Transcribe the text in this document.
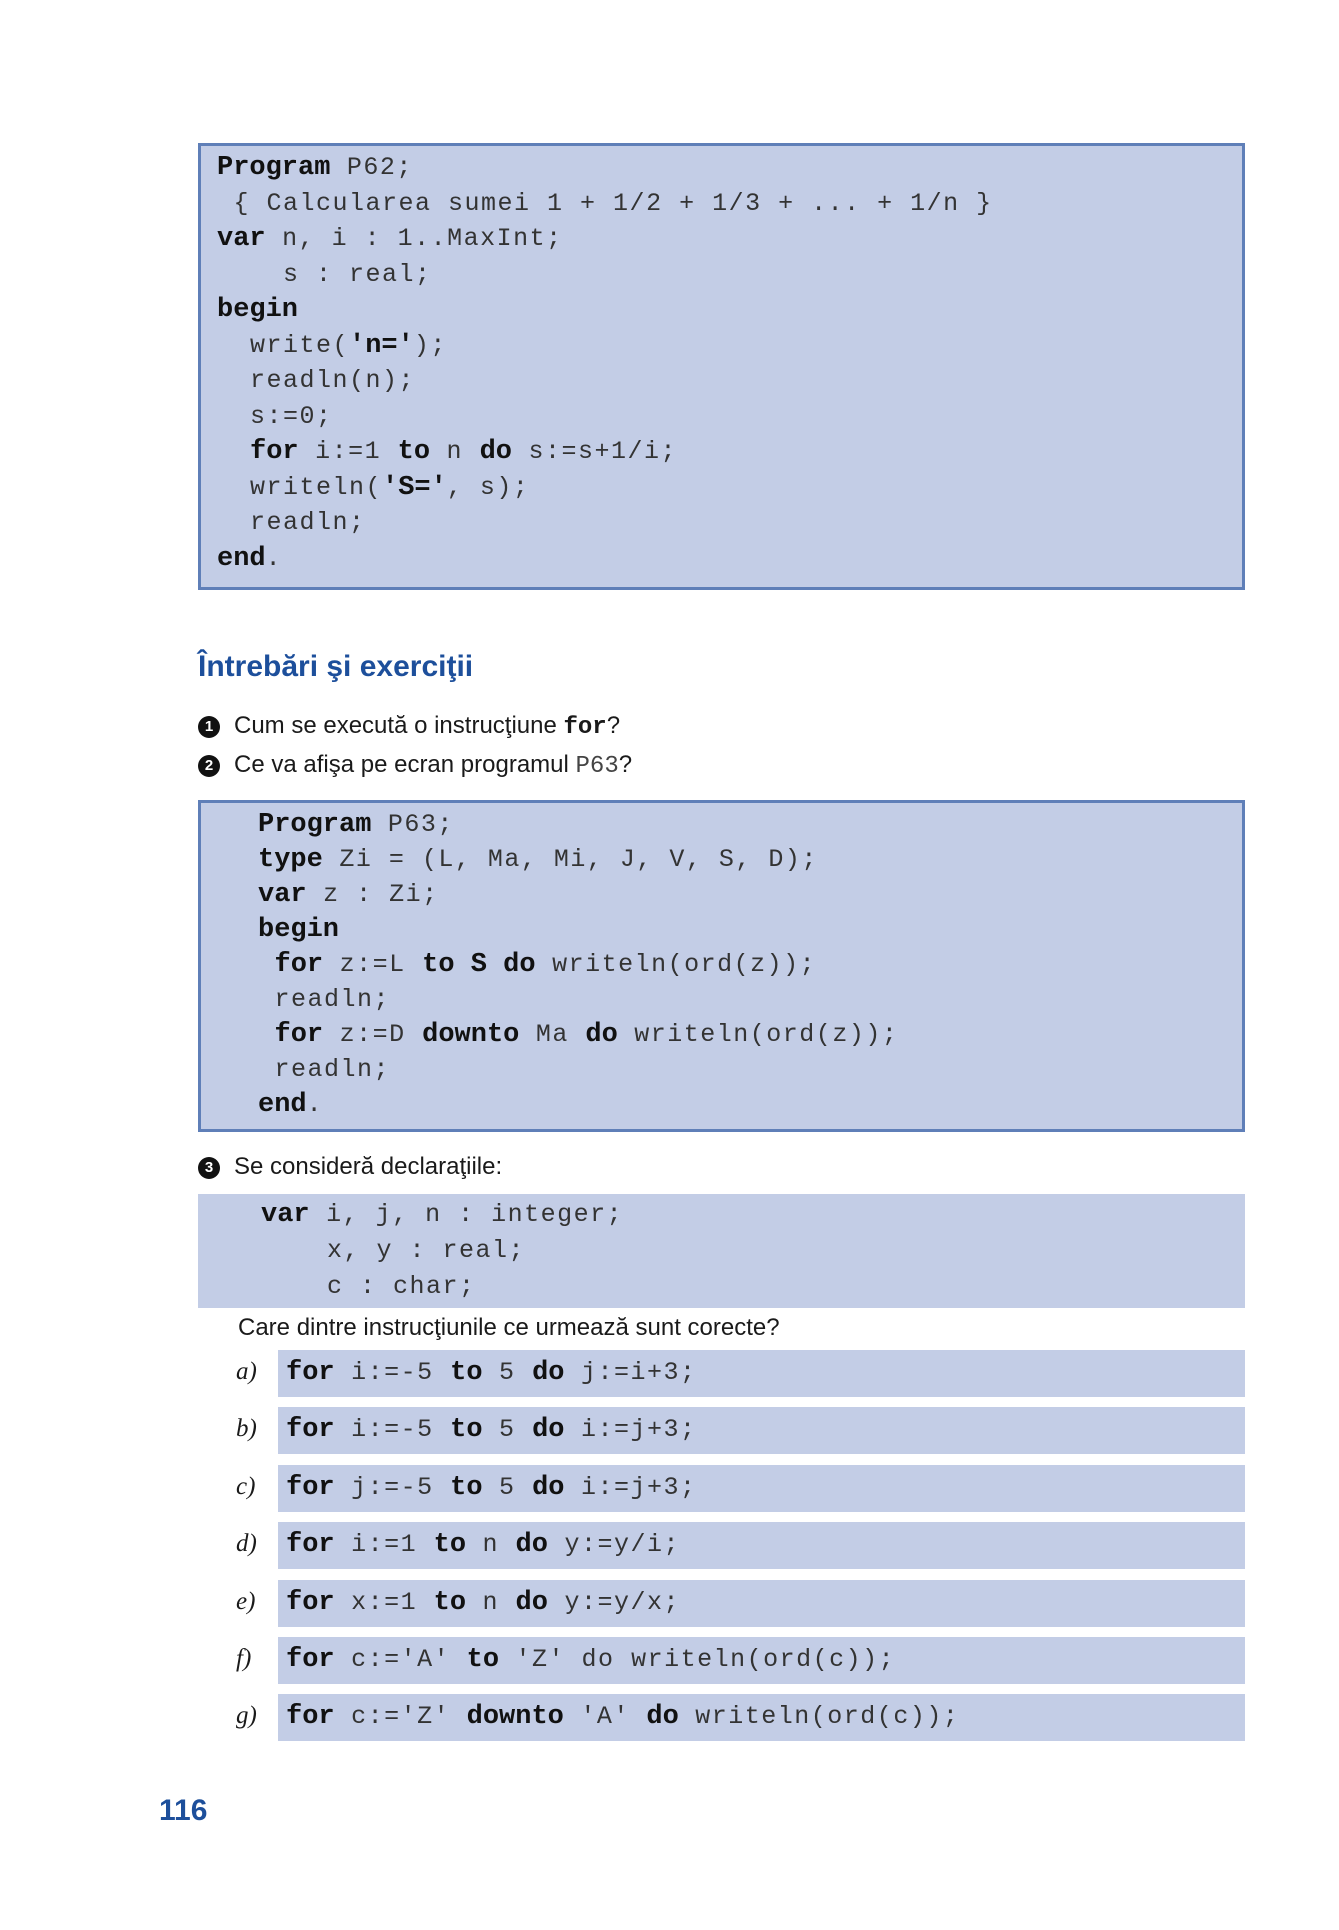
Program P62;
{ Calcularea sumei 1 + 1/2 + 1/3 + ... + 1/n }
var n, i : 1..MaxInt;
s : real;
begin
write('n=');
readln(n);
s:=0;
for i:=1 to n do s:=s+1/i;
writeln('S=', s);
readln;
end.
Întrebări şi exerciţii
1 Cum se execută o instrucţiune for?
2 Ce va afişa pe ecran programul P63?
Program P63;
type Zi = (L, Ma, Mi, J, V, S, D);
var z : Zi;
begin
for z:=L to S do writeln(ord(z));
readln;
for z:=D downto Ma do writeln(ord(z));
readln;
end.
3 Se consideră declaraţiile:
var i, j, n : integer;
x, y : real;
c : char;
Care dintre instrucţiunile ce urmează sunt corecte?
a) for i:=-5 to 5 do j:=i+3;
b) for i:=-5 to 5 do i:=j+3;
c) for j:=-5 to 5 do i:=j+3;
d) for i:=1 to n do y:=y/i;
e) for x:=1 to n do y:=y/x;
f) for c:='A' to 'Z' do writeln(ord(c));
g) for c:='Z' downto 'A' do writeln(ord(c));
116
